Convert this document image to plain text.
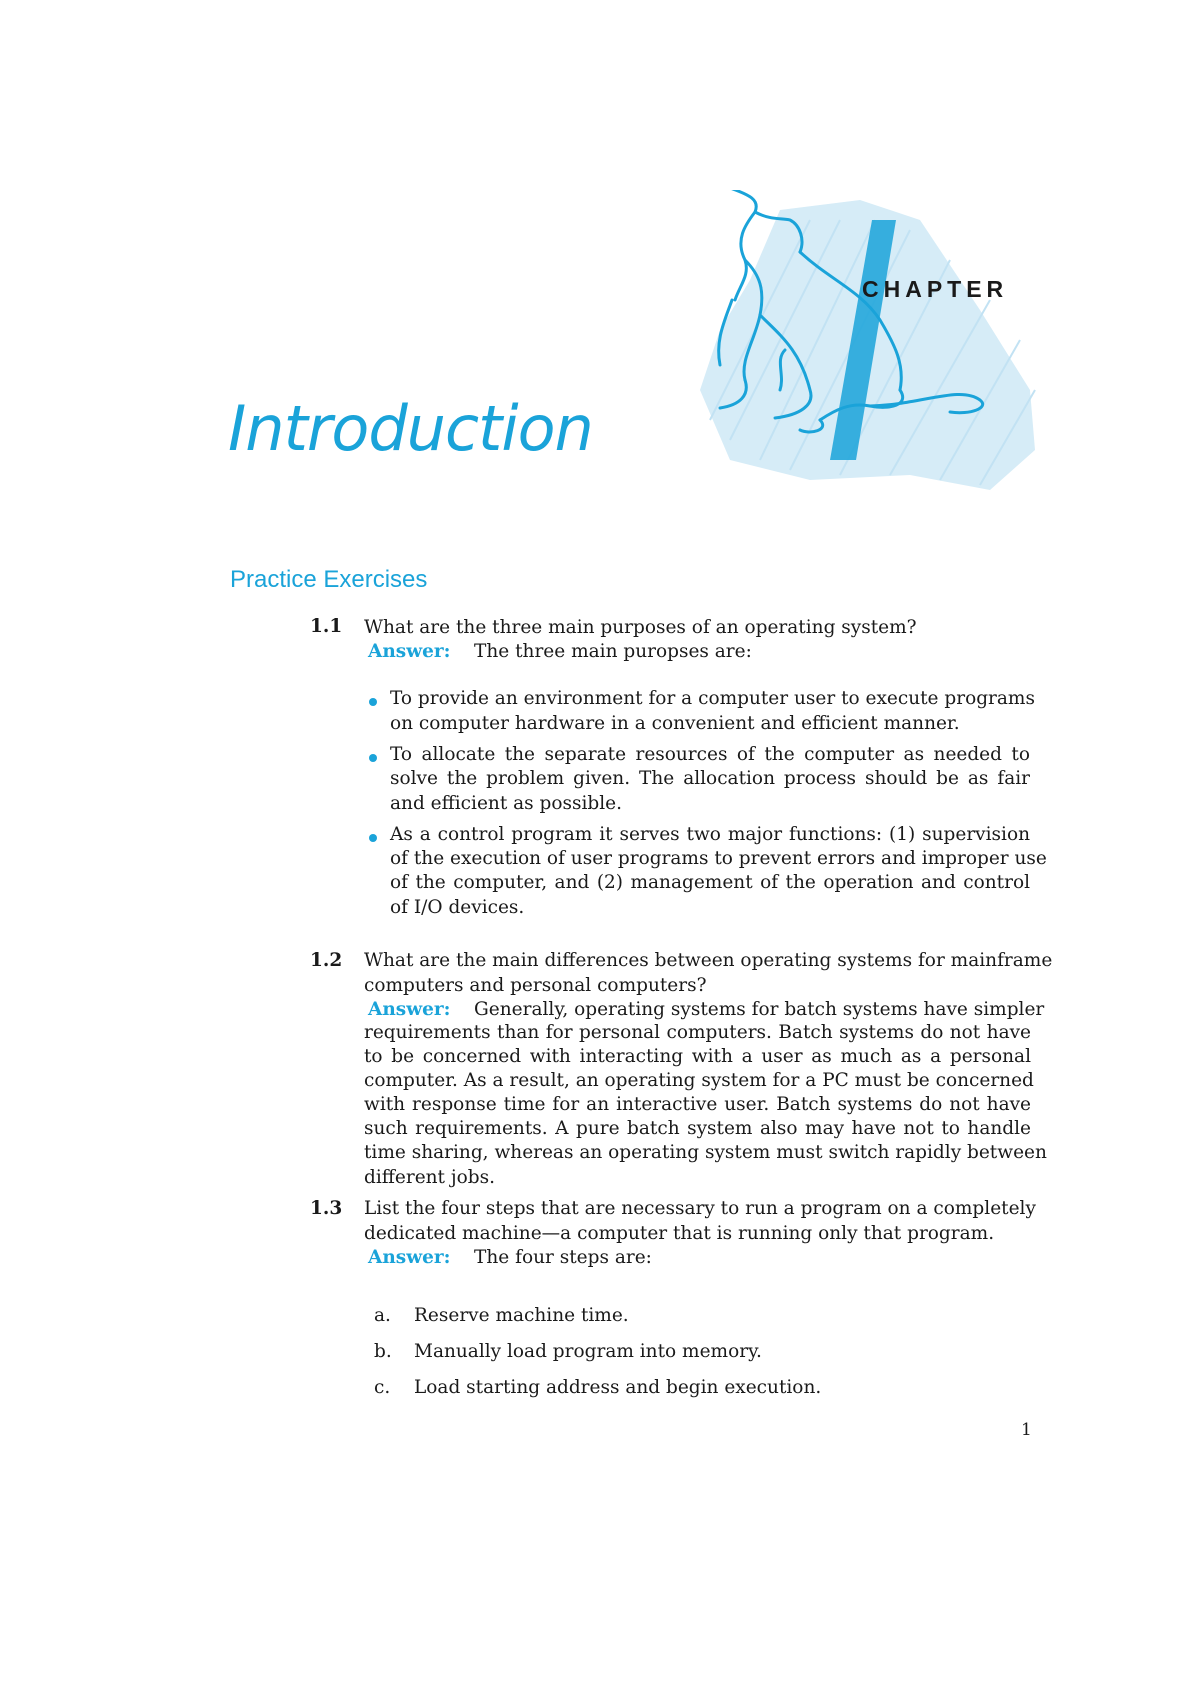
CHAPTER
Introduction
Practice Exercises
1.1 What are the three main purposes of an operating system?
Answer: The three main puropses are:
To provide an environment for a computer user to execute programs
on computer hardware in a convenient and efficient manner.
To allocate the separate resources of the computer as needed to
solve the problem given. The allocation process should be as fair
and efficient as possible.
As a control program it serves two major functions: (1) supervision
of the execution of user programs to prevent errors and improper use
of the computer, and (2) management of the operation and control
of I/O devices.
1.2 What are the main differences between operating systems for mainframe
computers and personal computers?
Answer: Generally, operating systems for batch systems have simpler
requirements than for personal computers. Batch systems do not have
to be concerned with interacting with a user as much as a personal
computer. As a result, an operating system for a PC must be concerned
with response time for an interactive user. Batch systems do not have
such requirements. A pure batch system also may have not to handle
time sharing, whereas an operating system must switch rapidly between
different jobs.
1.3 List the four steps that are necessary to run a program on a completely
dedicated machine—a computer that is running only that program.
Answer: The four steps are:
a. Reserve machine time.
b. Manually load program into memory.
c. Load starting address and begin execution.
1
